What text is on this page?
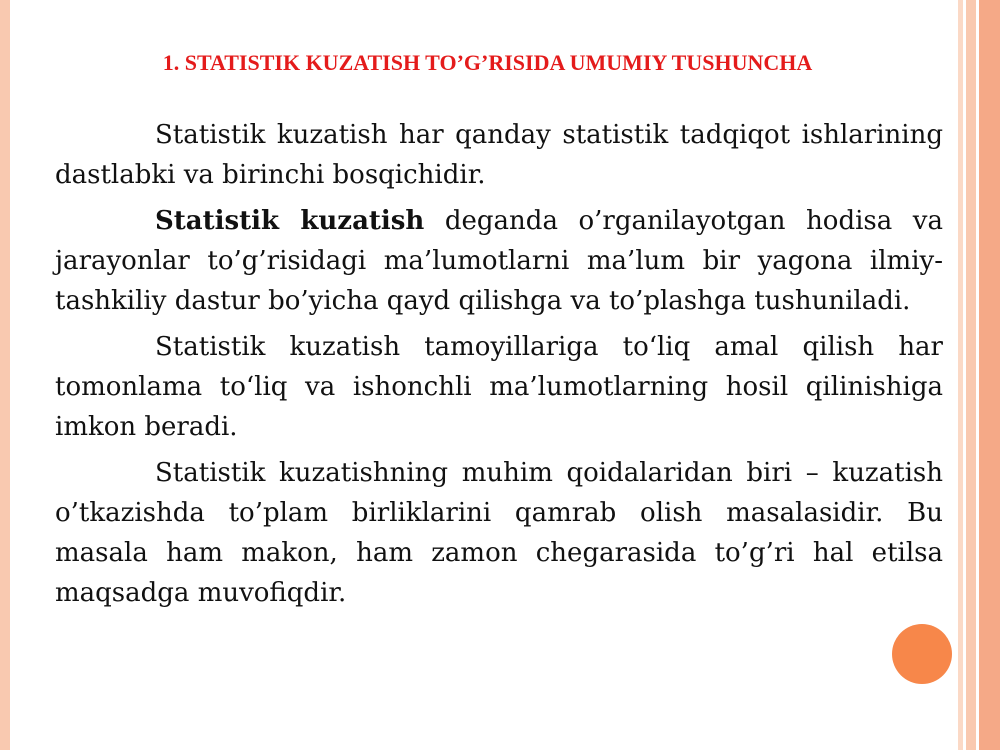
1. STATISTIK KUZATISH TO’G’RISIDA UMUMIY TUSHUNCHA

Statistik kuzatish har qanday statistik tadqiqot ishlarining dastlabki va birinchi bosqichidir.

Statistik kuzatish deganda o’rganilayotgan hodisa va jarayonlar to’g’risidagi ma’lumotlarni ma’lum bir yagona ilmiy-tashkiliy dastur bo’yicha qayd qilishga va to’plashga tushuniladi.

Statistik kuzatish tamoyillariga to‘liq amal qilish har tomonlama to‘liq va ishonchli ma’lumotlarning hosil qilinishiga imkon beradi.

Statistik kuzatishning muhim qoidalaridan biri – kuzatish o’tkazishda to’plam birliklarini qamrab olish masalasidir. Bu masala ham makon, ham zamon chegarasida to’g’ri hal etilsa maqsadga muvofiqdir.
